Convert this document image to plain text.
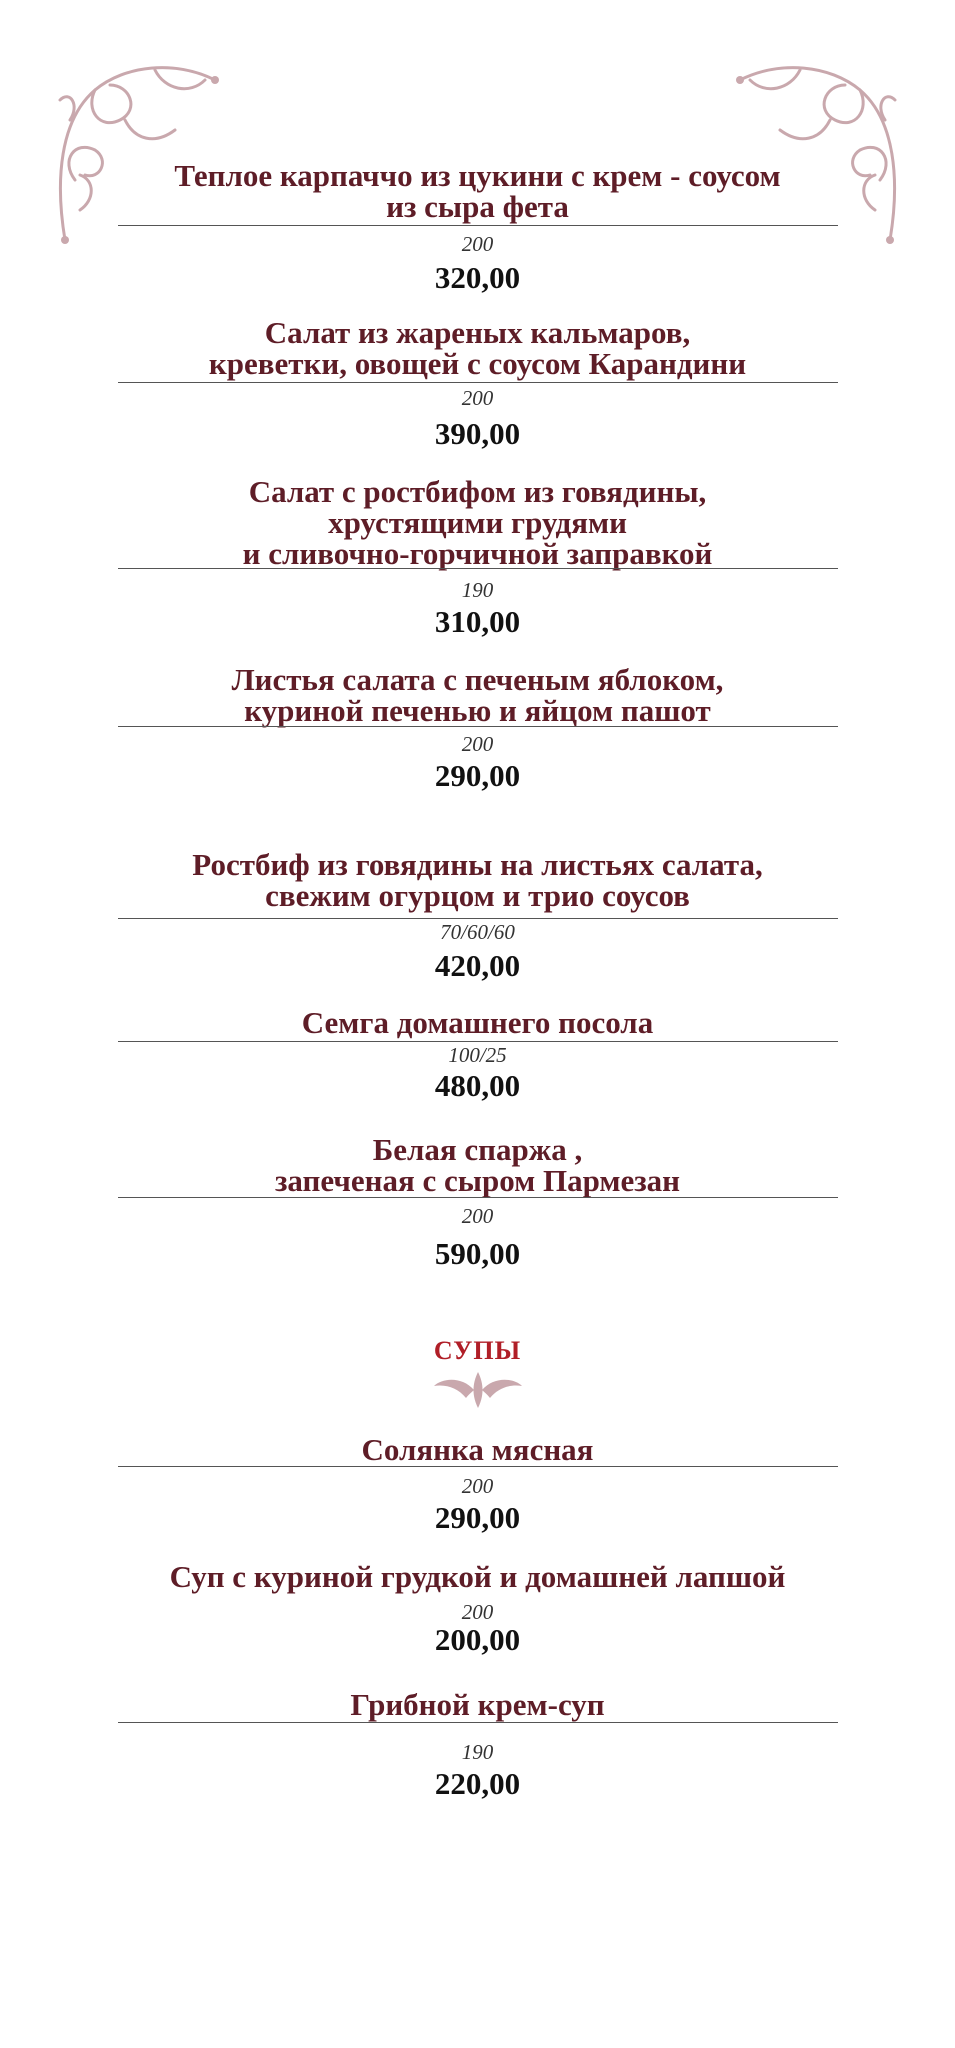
Теплое карпаччо из цукини с крем - соусом
из сыра фета

200
320,00

Салат из жареных кальмаров,
креветки, овощей с соусом Карандини

200
390,00

Салат с ростбифом из говядины,
хрустящими грудями
и сливочно-горчичной заправкой

190
310,00

Листья салата с печеным яблоком,
куриной печенью и яйцом пашот

200
290,00

Ростбиф из говядины на листьях салата,
свежим огурцом и трио соусов

70/60/60
420,00

Семга домашнего посола

100/25
480,00

Белая спаржа ,
запеченая с сыром Пармезан

200
590,00
СУПЫ

Солянка мясная

200
290,00

Суп с куриной грудкой и домашней лапшой

200
200,00

Грибной крем-суп

190
220,00
